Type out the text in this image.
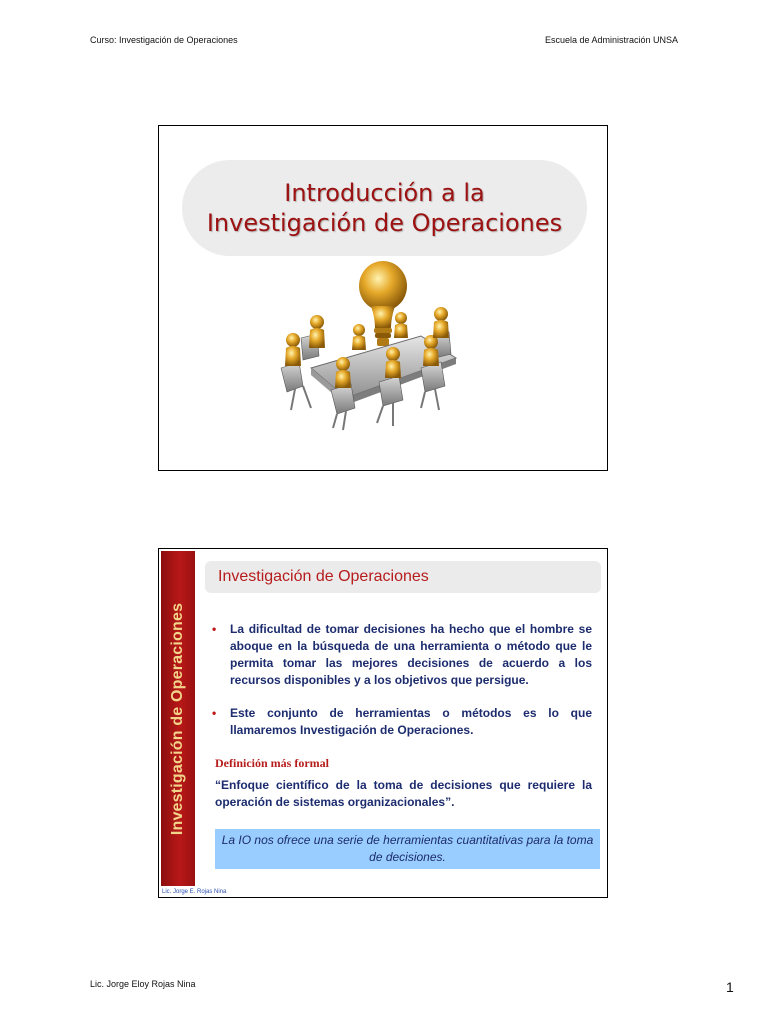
Curso: Investigación de Operaciones	Escuela de Administración UNSA
Introducción a la
Investigación de Operaciones
Investigación de Operaciones
Lic. Jorge E. Rojas Nina
Investigación de Operaciones
• La dificultad de tomar decisiones ha hecho que el hombre se aboque en la búsqueda de una herramienta o método que le permita tomar las mejores decisiones de acuerdo a los recursos disponibles y a los objetivos que persigue.
• Este conjunto de herramientas o métodos es lo que llamaremos Investigación de Operaciones.
Definición más formal
“Enfoque científico de la toma de decisiones que requiere la operación de sistemas organizacionales”.
La IO nos ofrece una serie de herramientas cuantitativas para la toma de decisiones.
Lic. Jorge Eloy Rojas Nina	1
